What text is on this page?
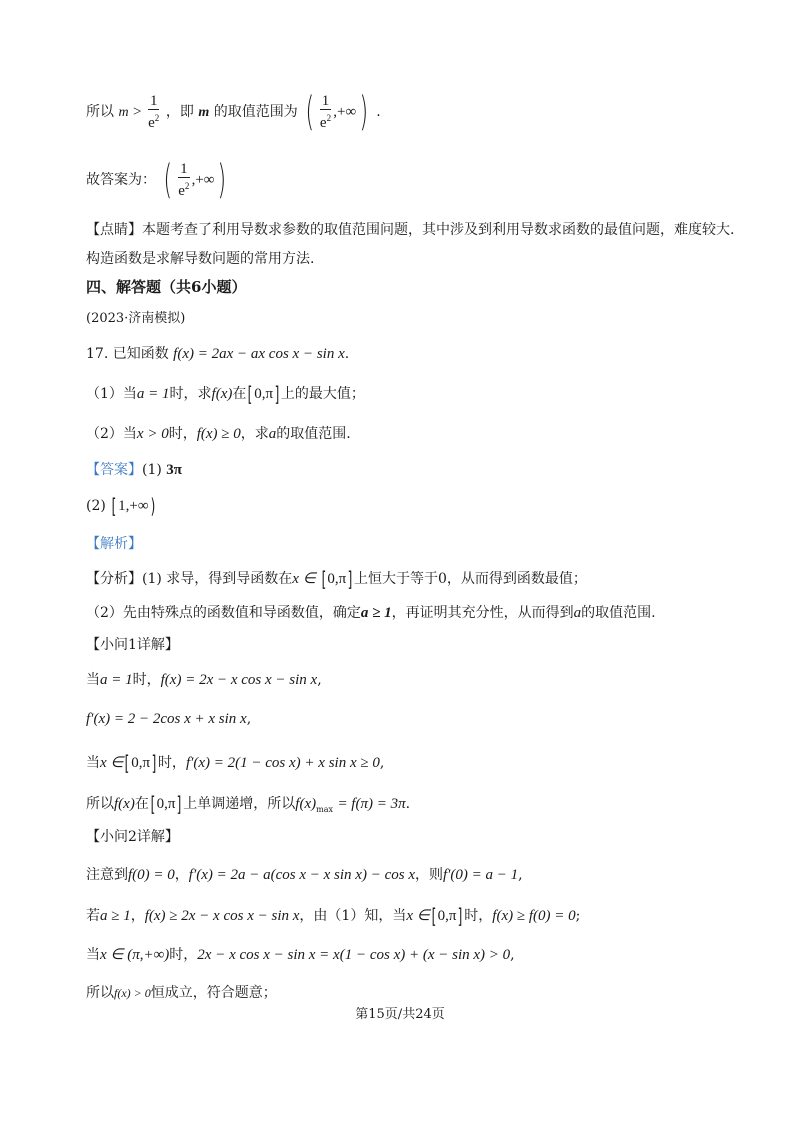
所以 $m > \frac{1}{e^2}$ ，即 m 的取值范围为 ( $\frac{1}{e^2}$ ,+∞) .
故答案为： ( $\frac{1}{e^2}$ ,+∞)
【点睛】本题考查了利用导数求参数的取值范围问题，其中涉及到利用导数求函数的最值问题，难度较大.
构造函数是求解导数问题的常用方法.
四、解答题（共6小题）
(2023·济南模拟)
17. 已知函数 f(x) = 2ax − ax cos x − sin x.
（1）当a = 1时，求f(x)在[ 0,π] 上的最大值；
（2）当x > 0时，f(x) ≥ 0，求a的取值范围.
【答案】(1) 3π
(2) [ 1,+∞)
【解析】
【分析】(1) 求导，得到导函数在x ∈ [ 0,π] 上恒大于等于0，从而得到函数最值；
（2）先由特殊点的函数值和导函数值，确定a ≥ 1，再证明其充分性，从而得到a的取值范围.
【小问1详解】
当a = 1时，f(x) = 2x − x cos x − sin x,
f′(x) = 2 − 2cos x + x sin x,
当x ∈[ 0,π] 时，f′(x) = 2(1 − cos x) + x sin x ≥ 0,
所以f(x)在[ 0,π] 上单调递增，所以$f(x)_{max} = f(\pi) = 3\pi$.
【小问2详解】
注意到f(0) = 0，f′(x) = 2a − a(cos x − x sin x) − cos x，则f′(0) = a − 1,
若a ≥ 1，f(x) ≥ 2x − x cos x − sin x，由（1）知，当x ∈[ 0,π] 时，f(x) ≥ f(0) = 0;
当x ∈ (π,+∞)时，2x − x cos x − sin x = x(1 − cos x) + (x − sin x) > 0,
所以f(x) > 0恒成立，符合题意；
第15页/共24页
